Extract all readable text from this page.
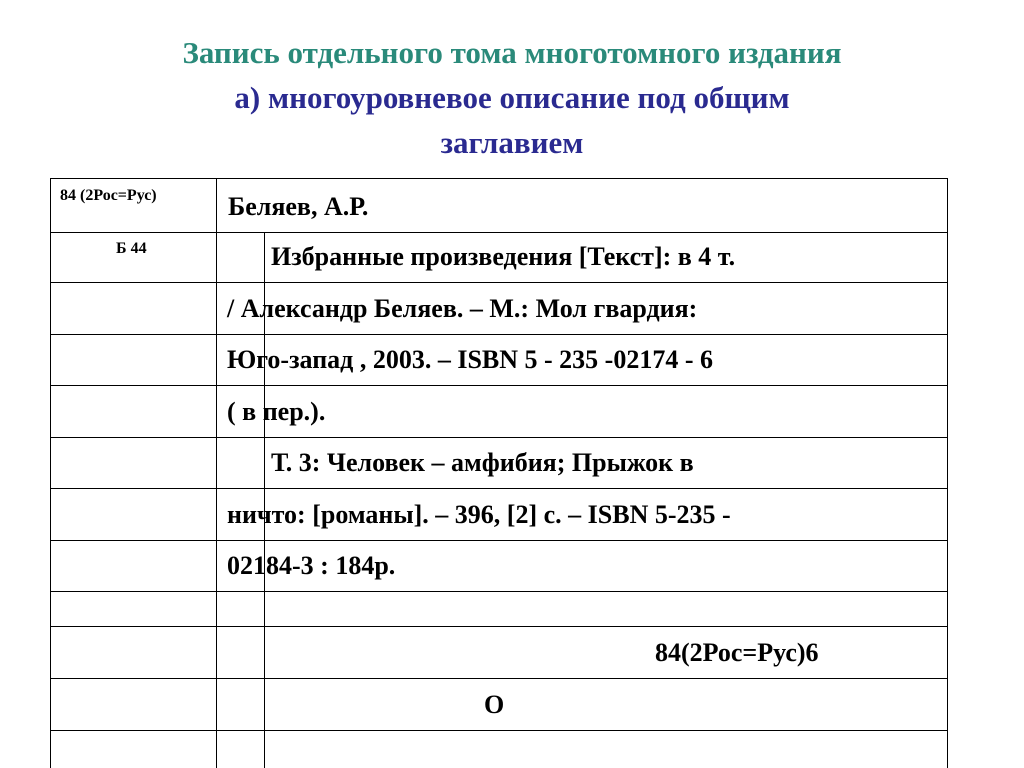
Запись отдельного тома многотомного издания
а) многоуровневое описание под общим
заглавием
84 (2Рос=Рус)
Б 44
Беляев, А.Р.
Избранные произведения [Текст]: в 4 т.
/ Александр Беляев. – М.: Мол гвардия:
Юго-запад , 2003. – ISBN 5 - 235 -02174 - 6
( в пер.).
Т. 3: Человек – амфибия; Прыжок в
ничто: [романы]. – 396, [2] с. – ISBN 5-235 -
02184-3 : 184р.
84(2Рос=Рус)6
О
